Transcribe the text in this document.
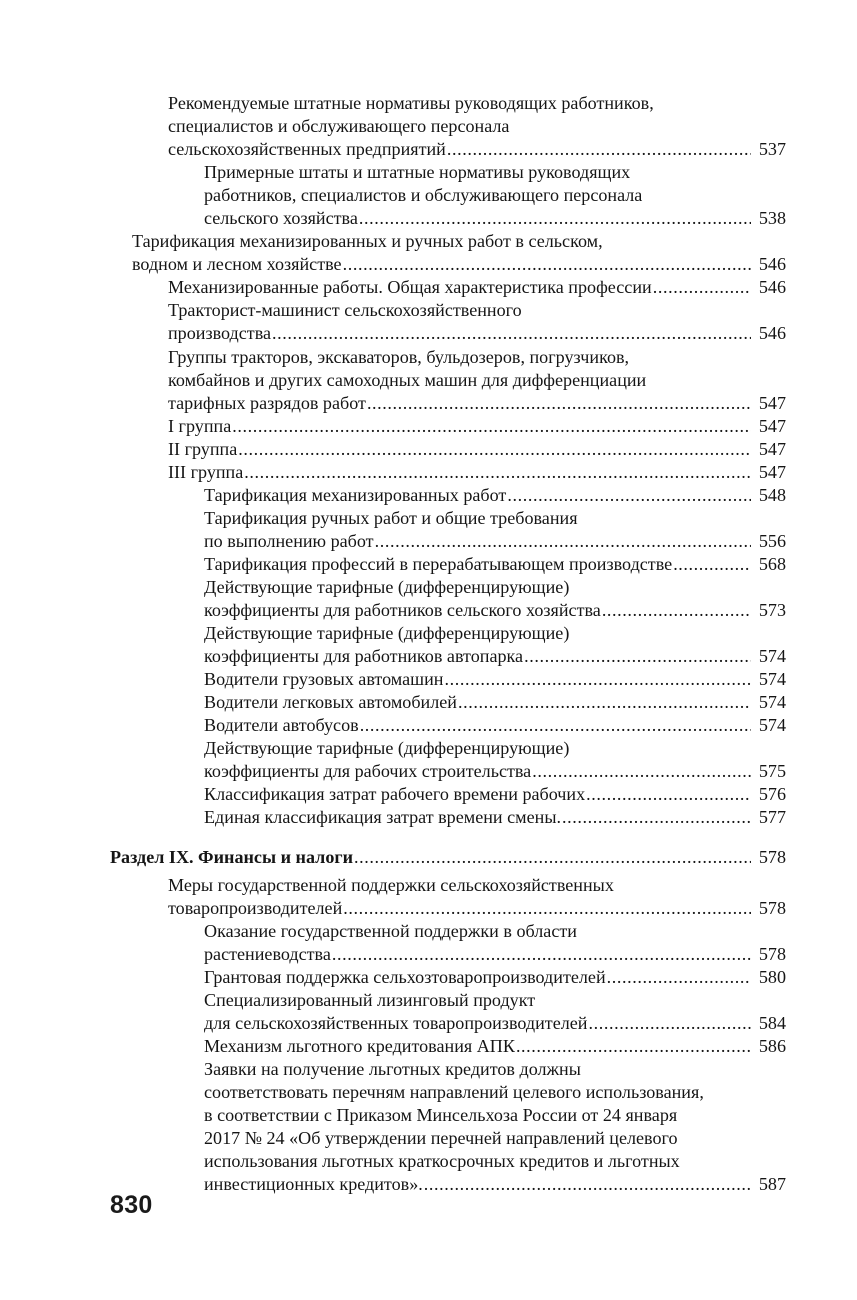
Рекомендуемые штатные нормативы руководящих работников,
специалистов и обслуживающего персонала
сельскохозяйственных предприятий .....	537
Примерные штаты и штатные нормативы руководящих
работников, специалистов и обслуживающего персонала
сельского хозяйства .....	538
Тарификация механизированных и ручных работ в сельском,
водном и лесном хозяйстве .....	546
Механизированные работы. Общая характеристика профессии .....	546
Тракторист-машинист сельскохозяйственного
производства .....	546
Группы тракторов, экскаваторов, бульдозеров, погрузчиков,
комбайнов и других самоходных машин для дифференциации
тарифных разрядов работ .....	547
I группа .....	547
II группа .....	547
III группа .....	547
Тарификация механизированных работ .....	548
Тарификация ручных работ и общие требования
по выполнению работ .....	556
Тарификация профессий в перерабатывающем производстве .....	568
Действующие тарифные (дифференцирующие)
коэффициенты для работников сельского хозяйства .....	573
Действующие тарифные (дифференцирующие)
коэффициенты для работников автопарка .....	574
Водители грузовых автомашин .....	574
Водители легковых автомобилей .....	574
Водители автобусов .....	574
Действующие тарифные (дифференцирующие)
коэффициенты для рабочих строительства .....	575
Классификация затрат рабочего времени рабочих .....	576
Единая классификация затрат времени смены. .....	577
Раздел IX. Финансы и налоги .....	578
Меры государственной поддержки сельскохозяйственных
товаропроизводителей .....	578
Оказание государственной поддержки в области
растениеводства .....	578
Грантовая поддержка сельхозтоваропроизводителей .....	580
Специализированный лизинговый продукт
для сельскохозяйственных товаропроизводителей .....	584
Механизм льготного кредитования АПК .....	586
Заявки на получение льготных кредитов должны
соответствовать перечням направлений целевого использования,
в соответствии с Приказом Минсельхоза России от 24 января
2017 № 24 «Об утверждении перечней направлений целевого
использования льготных краткосрочных кредитов и льготных
инвестиционных кредитов». .....	587
830
